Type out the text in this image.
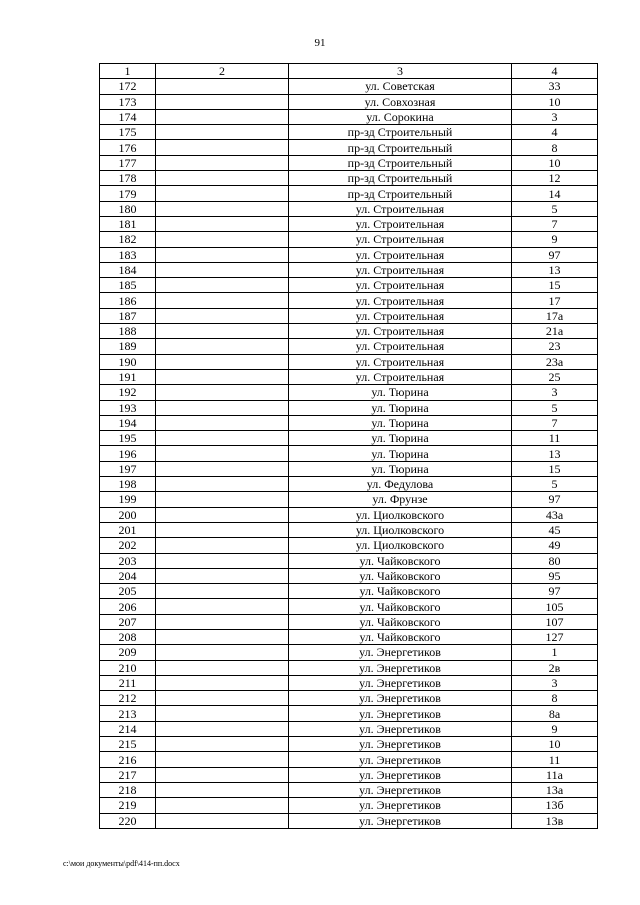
91
1	2	3	4
172		ул. Советская	33
173		ул. Совхозная	10
174		ул. Сорокина	3
175		пр-зд Строительный	4
176		пр-зд Строительный	8
177		пр-зд Строительный	10
178		пр-зд Строительный	12
179		пр-зд Строительный	14
180		ул. Строительная	5
181		ул. Строительная	7
182		ул. Строительная	9
183		ул. Строительная	97
184		ул. Строительная	13
185		ул. Строительная	15
186		ул. Строительная	17
187		ул. Строительная	17а
188		ул. Строительная	21а
189		ул. Строительная	23
190		ул. Строительная	23а
191		ул. Строительная	25
192		ул. Тюрина	3
193		ул. Тюрина	5
194		ул. Тюрина	7
195		ул. Тюрина	11
196		ул. Тюрина	13
197		ул. Тюрина	15
198		ул. Федулова	5
199		ул. Фрунзе	97
200		ул. Циолковского	43а
201		ул. Циолковского	45
202		ул. Циолковского	49
203		ул. Чайковского	80
204		ул. Чайковского	95
205		ул. Чайковского	97
206		ул. Чайковского	105
207		ул. Чайковского	107
208		ул. Чайковского	127
209		ул. Энергетиков	1
210		ул. Энергетиков	2в
211		ул. Энергетиков	3
212		ул. Энергетиков	8
213		ул. Энергетиков	8а
214		ул. Энергетиков	9
215		ул. Энергетиков	10
216		ул. Энергетиков	11
217		ул. Энергетиков	11а
218		ул. Энергетиков	13а
219		ул. Энергетиков	13б
220		ул. Энергетиков	13в
c:\мои документы\pdf\414-пп.docx
